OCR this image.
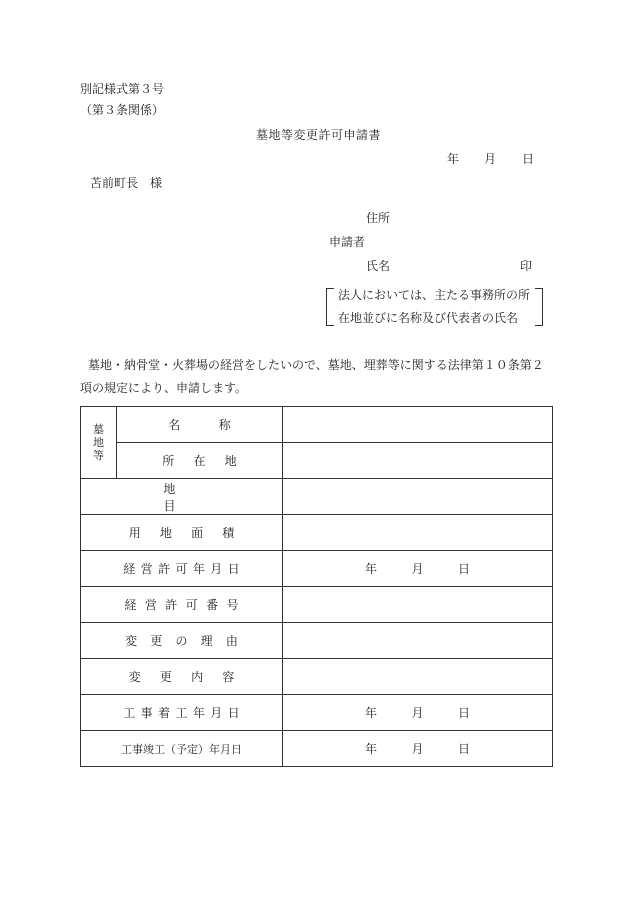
別記様式第３号
（第３条関係）
墓地等変更許可申請書
年 月 日
苫前町長　様
住所
申請者
氏名	印
法人においては、主たる事務所の所
在地並びに名称及び代表者の氏名
墓地・納骨堂・火葬場の経営をしたいので、墓地、埋葬等に関する法律第１０条第２
項の規定により、申請します。
墓地等	名称	
	所在地	
地目		
用地面積		
経営許可年月日		年 月 日

経営許可番号		
変更の理由		
変更内容		
工事着工年月日		年 月 日

工事竣工（予定）年月日		年 月 日
